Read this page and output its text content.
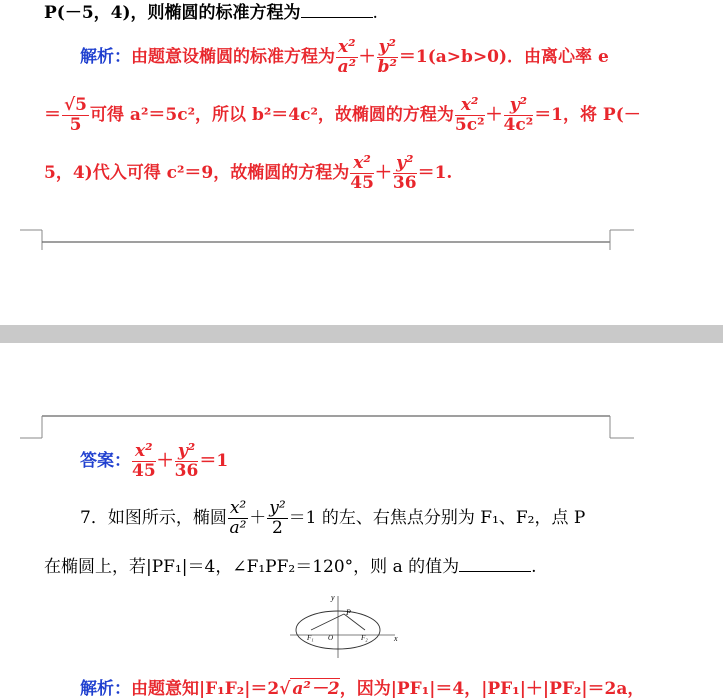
P(－5，4)，则椭圆的标准方程为	.
解析：由题意设椭圆的标准方程为 $\frac{\text{x²}}{\text{a²}} + \frac{\text{y²}}{\text{b²}} =1(a>b>0)$．由离心率 e
＝ $\frac{√5}{5}$ 可得 a²＝5c²，所以 b²＝4c²，故椭圆的方程为 $\frac{\text{x²}}{\text{5c²}} + \frac{\text{y²}}{\text{4c²}} =1$，将 P(－
5，4)代入可得 c²＝9，故椭圆的方程为 $\frac{\text{x²}}{45} + \frac{\text{y²}}{36} =1$.
答案： $\frac{\text{x²}}{45} + \frac{\text{y²}}{36} =1$
7．如图所示，椭圆 $\frac{\text{x²}}{\text{a²}} + \frac{\text{y²}}{2} =1$ 的左、右焦点分别为 F₁、F₂，点 P
在椭圆上，若|PF₁|＝4，∠F₁PF₂＝120°，则 a 的值为	.
y
x
P
O
F₁	F₂
解析：由题意知|F₁F₂|＝2√ a²－2，因为|PF₁|＝4，|PF₁|＋|PF₂|＝2a，
